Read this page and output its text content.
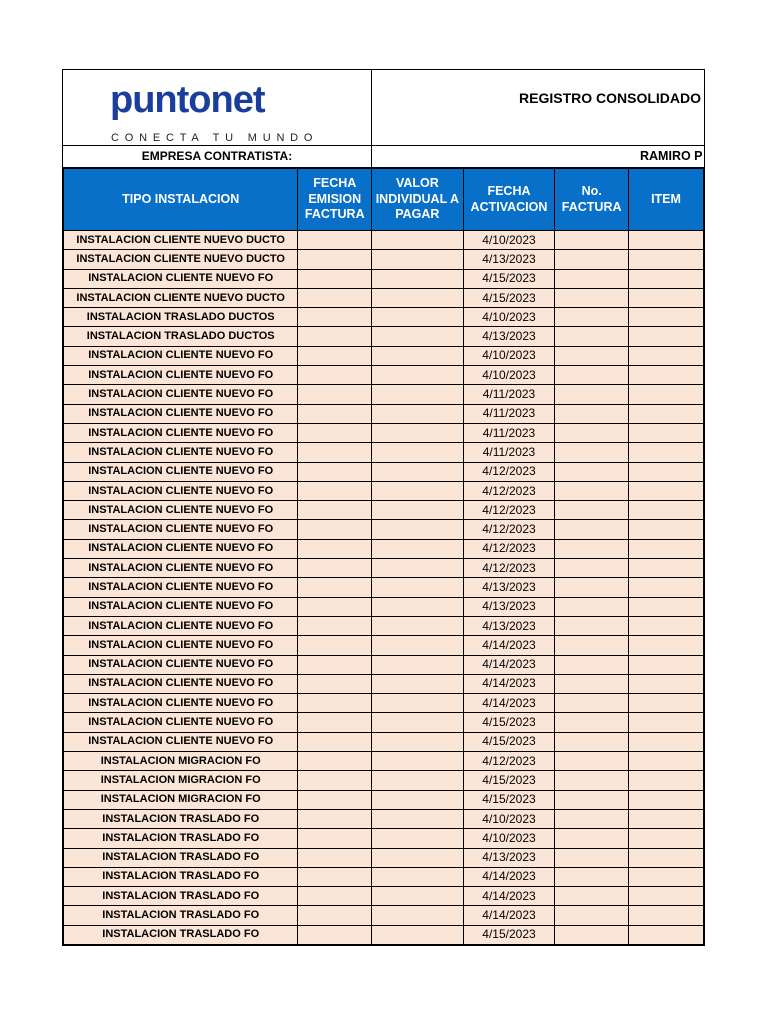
puntonet
CONECTA TU MUNDO
REGISTRO CONSOLIDADO
EMPRESA CONTRATISTA:	RAMIRO P
TIPO INSTALACION	FECHA EMISION FACTURA	VALOR INDIVIDUAL A PAGAR	FECHA ACTIVACION	No. FACTURA	ITEM
INSTALACION CLIENTE NUEVO DUCTO			4/10/2023		
INSTALACION CLIENTE NUEVO DUCTO			4/13/2023		
INSTALACION CLIENTE NUEVO FO			4/15/2023		
INSTALACION CLIENTE NUEVO DUCTO			4/15/2023		
INSTALACION TRASLADO DUCTOS			4/10/2023		
INSTALACION TRASLADO DUCTOS			4/13/2023		
INSTALACION CLIENTE NUEVO FO			4/10/2023		
INSTALACION CLIENTE NUEVO FO			4/10/2023		
INSTALACION CLIENTE NUEVO FO			4/11/2023		
INSTALACION CLIENTE NUEVO FO			4/11/2023		
INSTALACION CLIENTE NUEVO FO			4/11/2023		
INSTALACION CLIENTE NUEVO FO			4/11/2023		
INSTALACION CLIENTE NUEVO FO			4/12/2023		
INSTALACION CLIENTE NUEVO FO			4/12/2023		
INSTALACION CLIENTE NUEVO FO			4/12/2023		
INSTALACION CLIENTE NUEVO FO			4/12/2023		
INSTALACION CLIENTE NUEVO FO			4/12/2023		
INSTALACION CLIENTE NUEVO FO			4/12/2023		
INSTALACION CLIENTE NUEVO FO			4/13/2023		
INSTALACION CLIENTE NUEVO FO			4/13/2023		
INSTALACION CLIENTE NUEVO FO			4/13/2023		
INSTALACION CLIENTE NUEVO FO			4/14/2023		
INSTALACION CLIENTE NUEVO FO			4/14/2023		
INSTALACION CLIENTE NUEVO FO			4/14/2023		
INSTALACION CLIENTE NUEVO FO			4/14/2023		
INSTALACION CLIENTE NUEVO FO			4/15/2023		
INSTALACION CLIENTE NUEVO FO			4/15/2023		
INSTALACION MIGRACION FO			4/12/2023		
INSTALACION MIGRACION FO			4/15/2023		
INSTALACION MIGRACION FO			4/15/2023		
INSTALACION TRASLADO FO			4/10/2023		
INSTALACION TRASLADO FO			4/10/2023		
INSTALACION TRASLADO FO			4/13/2023		
INSTALACION TRASLADO FO			4/14/2023		
INSTALACION TRASLADO FO			4/14/2023		
INSTALACION TRASLADO FO			4/14/2023		
INSTALACION TRASLADO FO			4/15/2023		
